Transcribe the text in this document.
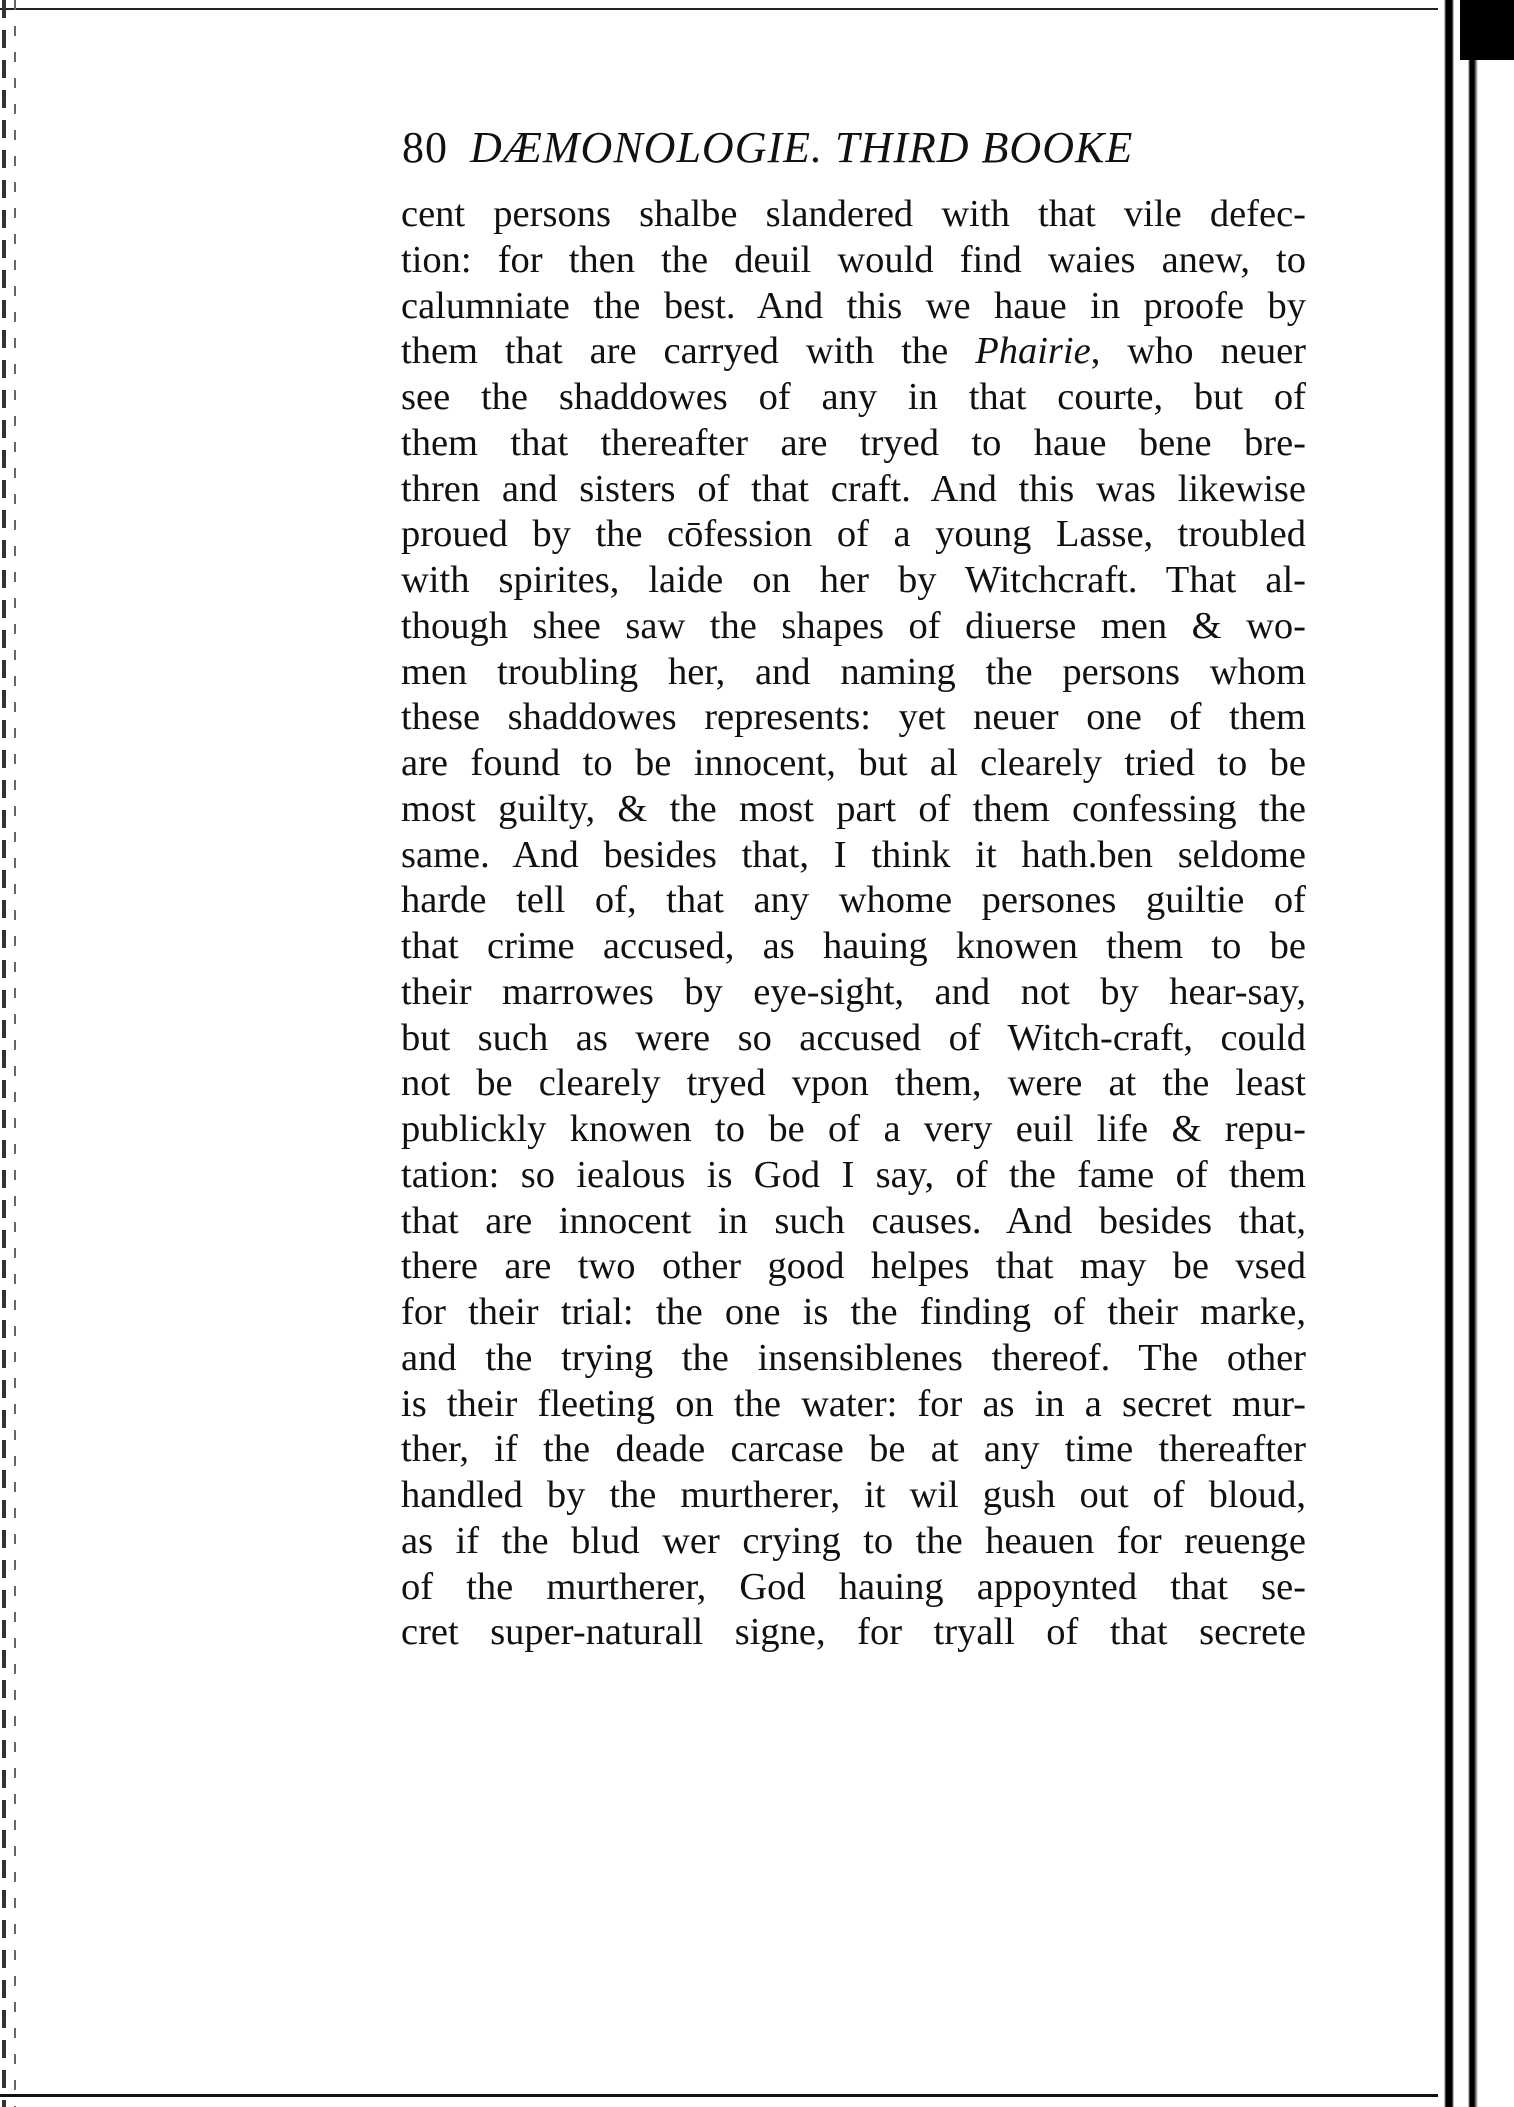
80 DÆMONOLOGIE. THIRD BOOKE
cent persons shalbe slandered with that vile defec-
tion: for then the deuil would find waies anew, to
calumniate the best. And this we haue in proofe by
them that are carryed with the Phairie, who neuer
see the shaddowes of any in that courte, but of
them that thereafter are tryed to haue bene bre-
thren and sisters of that craft. And this was likewise
proued by the cōfession of a young Lasse, troubled
with spirites, laide on her by Witchcraft. That al-
though shee saw the shapes of diuerse men & wo-
men troubling her, and naming the persons whom
these shaddowes represents: yet neuer one of them
are found to be innocent, but al clearely tried to be
most guilty, & the most part of them confessing the
same. And besides that, I think it hath.ben seldome
harde tell of, that any whome persones guiltie of
that crime accused, as hauing knowen them to be
their marrowes by eye-sight, and not by hear-say,
but such as were so accused of Witch-craft, could
not be clearely tryed vpon them, were at the least
publicklу knowen to be of a very euil life & repu-
tation: so iealous is God I say, of the fame of them
that are innocent in such causes. And besides that,
there are two other good helpes that may be vsed
for their trial: the one is the finding of their marke,
and the trying the insensiblenes thereof. The other
is their fleeting on the water: for as in a secret mur-
ther, if the deade carcase be at any time thereafter
handled by the murtherer, it wil gush out of bloud,
as if the blud wer crying to the heauen for reuenge
of the murtherer, God hauing appoynted that se-
cret super-naturall signe, for tryall of that secrete
